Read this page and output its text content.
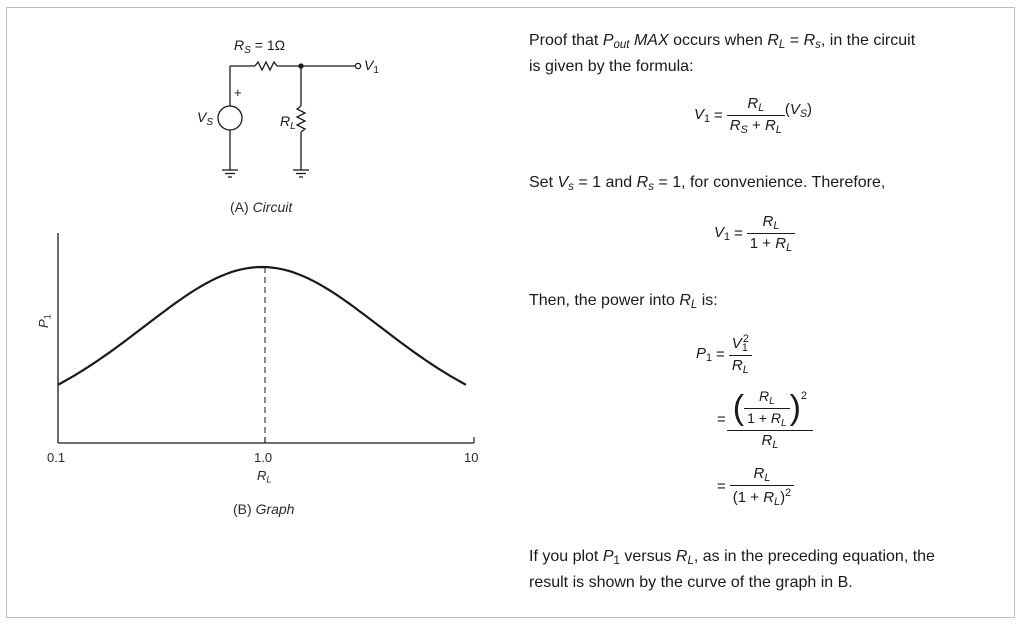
$R_S = 1\Omega$
$V_1$
+
$V_S$	$R_L$
(A) Circuit
$P_1$
0.1	1.0	10
$R_L$
(B) Graph
Proof that $P_{out}$ MAX occurs when $R_L = R_s$, in the circuit
is given by the formula:
$V_1 = \frac{R_L}{R_S + R_L} (V_S)$
Set $V_s = 1$ and $R_s = 1$, for convenience. Therefore,
$V_1 = \frac{R_L}{1 + R_L}$
Then, the power into $R_L$ is:
$P_1 = \frac{V_1^2}{R_L}$
= $\frac{( \frac{R_L}{1 + R_L} ) 2}{R_L}$
= $\frac{R_L}{(1 + R_L)^2}$
If you plot $P_1$ versus $R_L$, as in the preceding equation, the
result is shown by the curve of the graph in B.
